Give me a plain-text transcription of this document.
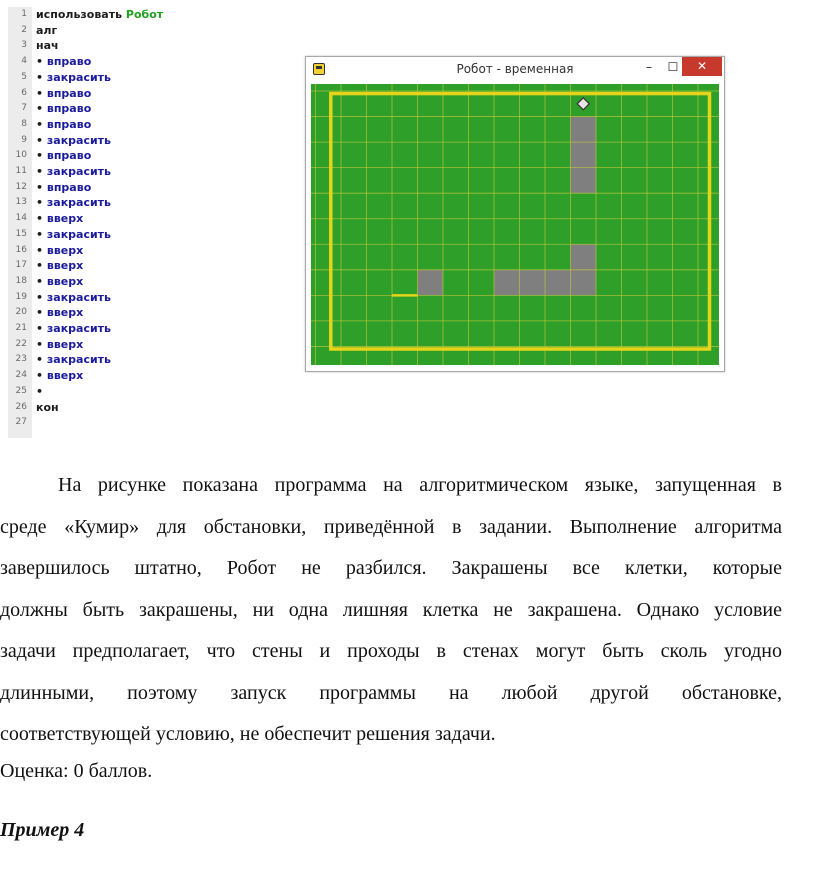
1 использовать Робот
2 алг
3 нач
4 • вправо
5 • закрасить
6 • вправо
7 • вправо
8 • вправо
9 • закрасить
10 • вправо
11 • закрасить
12 • вправо
13 • закрасить
14 • вверх
15 • закрасить
16 • вверх
17 • вверх
18 • вверх
19 • закрасить
20 • вверх
21 • закрасить
22 • вверх
23 • закрасить
24 • вверх
25 •
26 кон
27
Робот - временная	–	☐	✕
На рисунке показана программа на алгоритмическом языке, запущенная в
среде «Кумир» для обстановки, приведённой в задании. Выполнение алгоритма
завершилось штатно, Робот не разбился. Закрашены все клетки, которые
должны быть закрашены, ни одна лишняя клетка не закрашена. Однако условие
задачи предполагает, что стены и проходы в стенах могут быть сколь угодно
длинными, поэтому запуск программы на любой другой обстановке,
соответствующей условию, не обеспечит решения задачи.
Оценка: 0 баллов.
Пример 4
